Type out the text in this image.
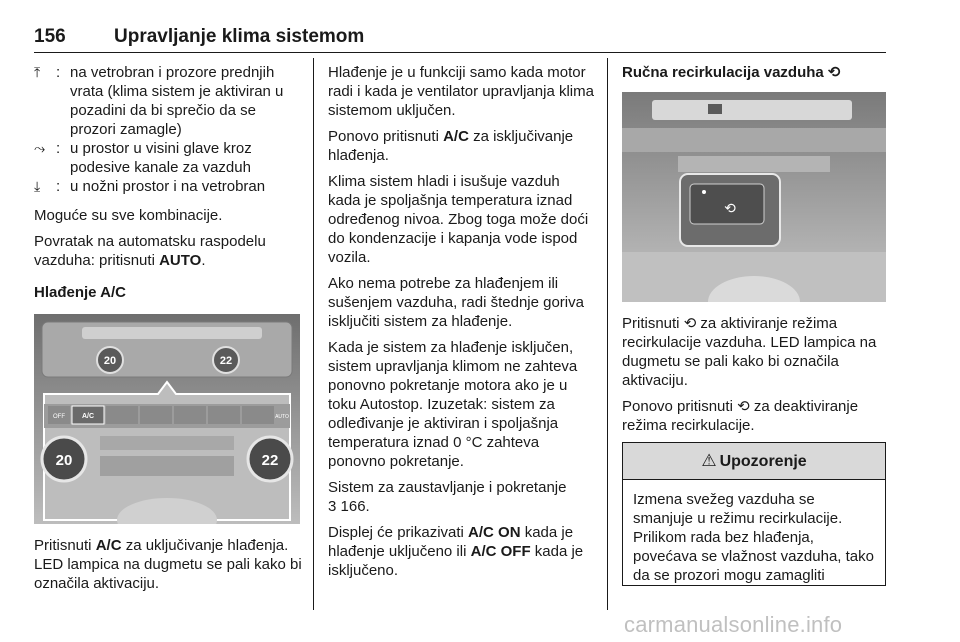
156	Upravljanje klima sistemom
⤒ : na vetrobran i prozore prednjih vrata (klima sistem je aktiviran u pozadini da bi sprečio da se prozori zamagle)
⤳ : u prostor u visini glave kroz podesive kanale za vazduh
⤓ : u nožni prostor i na vetrobran

Moguće su sve kombinacije.

Povratak na automatsku raspodelu vazduha: pritisnuti AUTO.

Hlađenje A/C

20	22
OFF A/C	AUTO
20	22

Pritisnuti A/C za uključivanje hlađenja. LED lampica na dugmetu se pali kako bi označila aktivaciju.

Hlađenje je u funkciji samo kada motor radi i kada je ventilator upravljanja klima sistemom uključen.

Ponovo pritisnuti A/C za isključivanje hlađenja.

Klima sistem hladi i isušuje vazduh kada je spoljašnja temperatura iznad određenog nivoa. Zbog toga može doći do kondenzacije i kapanja vode ispod vozila.

Ako nema potrebe za hlađenjem ili sušenjem vazduha, radi štednje goriva isključiti sistem za hlađenje.

Kada je sistem za hlađenje isključen, sistem upravljanja klimom ne zahteva ponovno pokretanje motora ako je u toku Autostop. Izuzetak: sistem za odleđivanje je aktiviran i spoljašnja temperatura iznad 0 °C zahteva ponovno pokretanje.

Sistem za zaustavljanje i pokretanje
3 166.

Displej će prikazivati A/C ON kada je hlađenje uključeno ili A/C OFF kada je isključeno.

Ručna recirkulacija vazduha ⟲

⟲

Pritisnuti ⟲ za aktiviranje režima recirkulacije vazduha. LED lampica na dugmetu se pali kako bi označila aktivaciju.

Ponovo pritisnuti ⟲ za deaktiviranje režima recirkulacije.

⚠ Upozorenje
Izmena svežeg vazduha se smanjuje u režimu recirkulacije. Prilikom rada bez hlađenja, povećava se vlažnost vazduha, tako da se prozori mogu zamagliti
carmanualsonline.info
